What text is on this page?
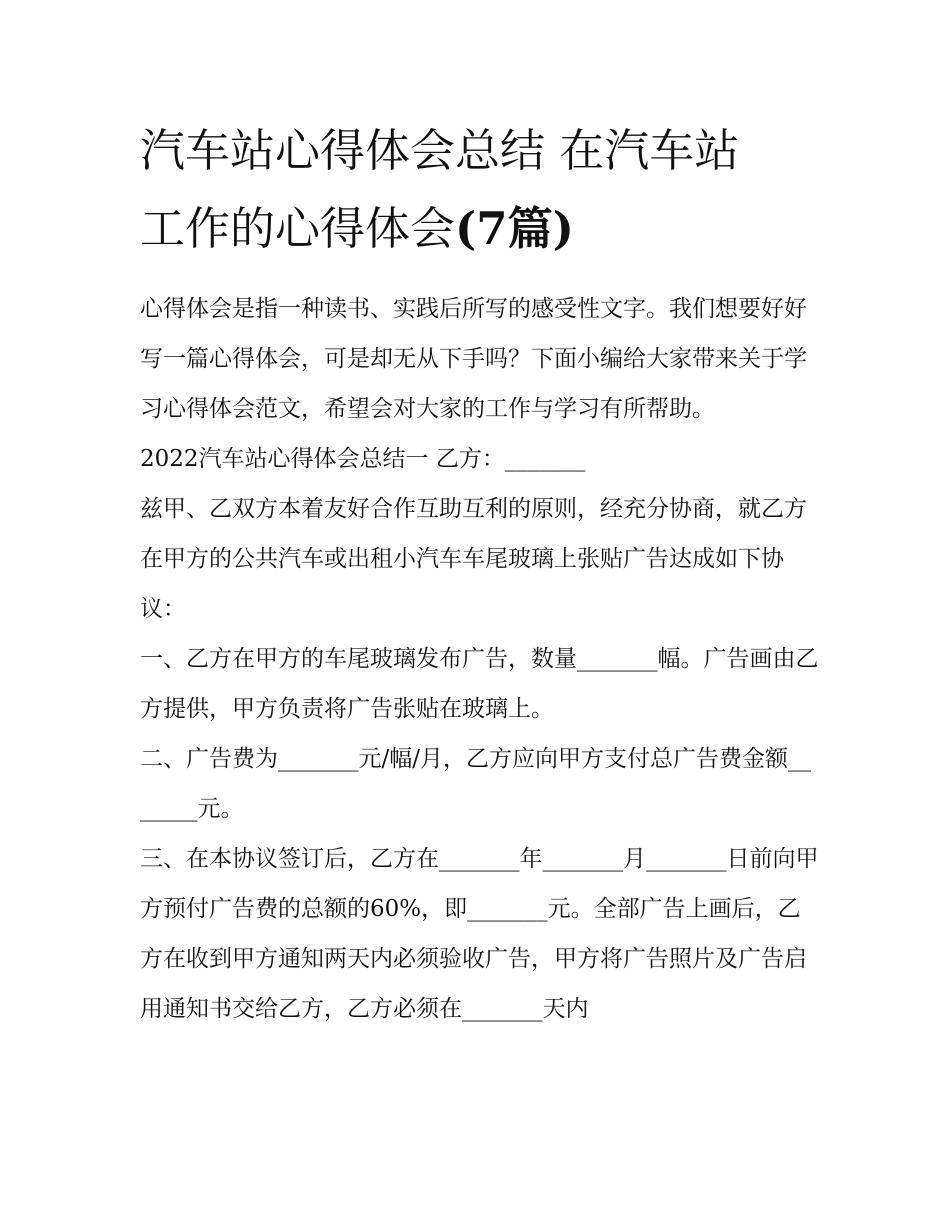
汽车站心得体会总结 在汽车站
工作的心得体会(7篇)

心得体会是指一种读书、实践后所写的感受性文字。我们想要好好写一篇心得体会，可是却无从下手吗？下面小编给大家带来关于学习心得体会范文，希望会对大家的工作与学习有所帮助。

2022汽车站心得体会总结一 乙方：_______

兹甲、乙双方本着友好合作互助互利的原则，经充分协商，就乙方在甲方的公共汽车或出租小汽车车尾玻璃上张贴广告达成如下协议：

一、乙方在甲方的车尾玻璃发布广告，数量_______幅。广告画由乙方提供，甲方负责将广告张贴在玻璃上。

二、广告费为_______元/幅/月，乙方应向甲方支付总广告费金额_______元。

三、在本协议签订后，乙方在_______年_______月_______日前向甲方预付广告费的总额的60%，即_______元。全部广告上画后，乙方在收到甲方通知两天内必须验收广告，甲方将广告照片及广告启用通知书交给乙方，乙方必须在_______天内
